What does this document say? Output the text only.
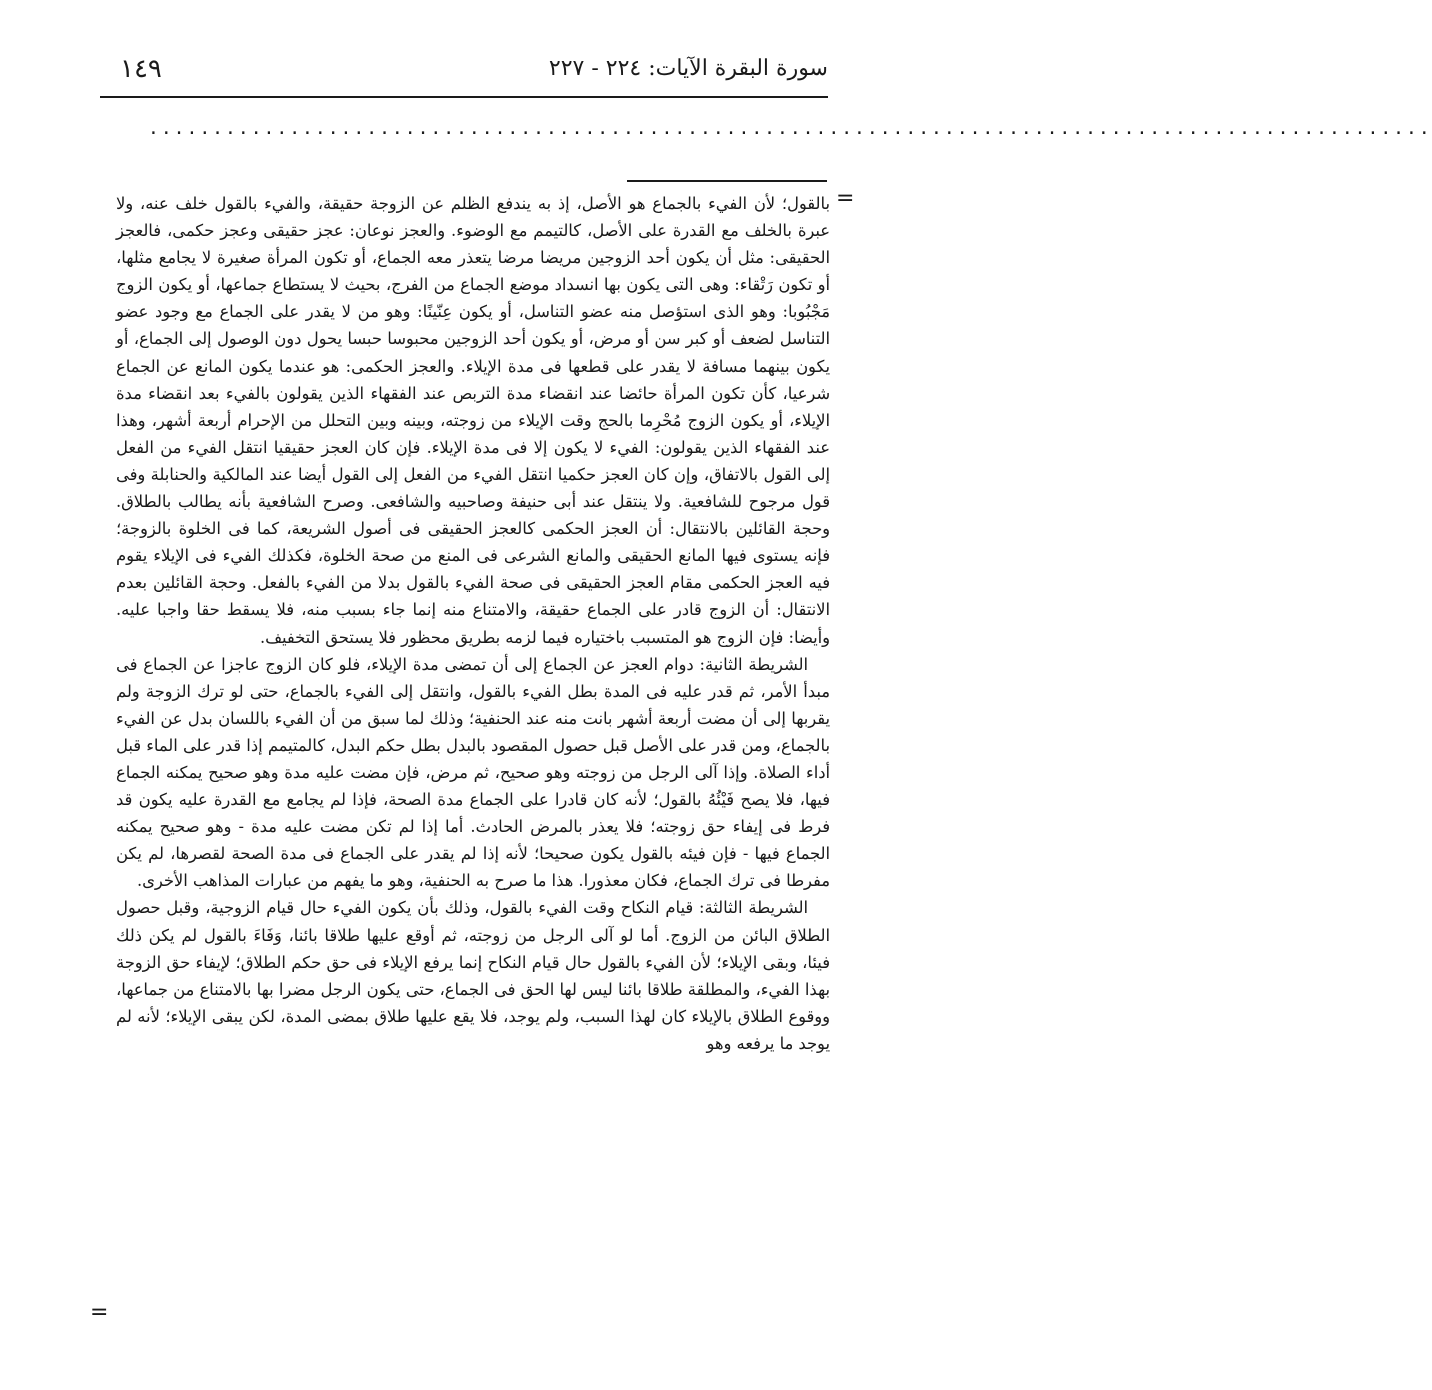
١٤٩	سورة البقرة الآيات: ٢٢٤ - ٢٢٧
....................................................................................................
=

بالقول؛ لأن الفيء بالجماع هو الأصل، إذ به يندفع الظلم عن الزوجة حقيقة، والفيء بالقول خلف عنه، ولا عبرة بالخلف مع القدرة على الأصل، كالتيمم مع الوضوء. والعجز نوعان: عجز حقيقى وعجز حكمى، فالعجز الحقيقى: مثل أن يكون أحد الزوجين مريضا مرضا يتعذر معه الجماع، أو تكون المرأة صغيرة لا يجامع مثلها، أو تكون رَتْقاء: وهى التى يكون بها انسداد موضع الجماع من الفرج، بحيث لا يستطاع جماعها، أو يكون الزوج مَجْبُوبا: وهو الذى استؤصل منه عضو التناسل، أو يكون عِنّينًا: وهو من لا يقدر على الجماع مع وجود عضو التناسل لضعف أو كبر سن أو مرض، أو يكون أحد الزوجين محبوسا حبسا يحول دون الوصول إلى الجماع، أو يكون بينهما مسافة لا يقدر على قطعها فى مدة الإيلاء. والعجز الحكمى: هو عندما يكون المانع عن الجماع شرعيا، كأن تكون المرأة حائضا عند انقضاء مدة التربص عند الفقهاء الذين يقولون بالفيء بعد انقضاء مدة الإيلاء، أو يكون الزوج مُحْرِما بالحج وقت الإيلاء من زوجته، وبينه وبين التحلل من الإحرام أربعة أشهر، وهذا عند الفقهاء الذين يقولون: الفيء لا يكون إلا فى مدة الإيلاء. فإن كان العجز حقيقيا انتقل الفيء من الفعل إلى القول بالاتفاق، وإن كان العجز حكميا انتقل الفيء من الفعل إلى القول أيضا عند المالكية والحنابلة وفى قول مرجوح للشافعية. ولا ينتقل عند أبى حنيفة وصاحبيه والشافعى. وصرح الشافعية بأنه يطالب بالطلاق. وحجة القائلين بالانتقال: أن العجز الحكمى كالعجز الحقيقى فى أصول الشريعة، كما فى الخلوة بالزوجة؛ فإنه يستوى فيها المانع الحقيقى والمانع الشرعى فى المنع من صحة الخلوة، فكذلك الفيء فى الإيلاء يقوم فيه العجز الحكمى مقام العجز الحقيقى فى صحة الفيء بالقول بدلا من الفيء بالفعل. وحجة القائلين بعدم الانتقال: أن الزوج قادر على الجماع حقيقة، والامتناع منه إنما جاء بسبب منه، فلا يسقط حقا واجبا عليه. وأيضا: فإن الزوج هو المتسبب باختياره فيما لزمه بطريق محظور فلا يستحق التخفيف.

الشريطة الثانية: دوام العجز عن الجماع إلى أن تمضى مدة الإيلاء، فلو كان الزوج عاجزا عن الجماع فى مبدأ الأمر، ثم قدر عليه فى المدة بطل الفيء بالقول، وانتقل إلى الفيء بالجماع، حتى لو ترك الزوجة ولم يقربها إلى أن مضت أربعة أشهر بانت منه عند الحنفية؛ وذلك لما سبق من أن الفيء باللسان بدل عن الفيء بالجماع، ومن قدر على الأصل قبل حصول المقصود بالبدل بطل حكم البدل، كالمتيمم إذا قدر على الماء قبل أداء الصلاة. وإذا آلى الرجل من زوجته وهو صحيح، ثم مرض، فإن مضت عليه مدة وهو صحيح يمكنه الجماع فيها، فلا يصح فَيْئُهُ بالقول؛ لأنه كان قادرا على الجماع مدة الصحة، فإذا لم يجامع مع القدرة عليه يكون قد فرط فى إيفاء حق زوجته؛ فلا يعذر بالمرض الحادث. أما إذا لم تكن مضت عليه مدة - وهو صحيح يمكنه الجماع فيها - فإن فيئه بالقول يكون صحيحا؛ لأنه إذا لم يقدر على الجماع فى مدة الصحة لقصرها، لم يكن مفرطا فى ترك الجماع، فكان معذورا. هذا ما صرح به الحنفية، وهو ما يفهم من عبارات المذاهب الأخرى.

الشريطة الثالثة: قيام النكاح وقت الفيء بالقول، وذلك بأن يكون الفيء حال قيام الزوجية، وقبل حصول الطلاق البائن من الزوج. أما لو آلى الرجل من زوجته، ثم أوقع عليها طلاقا بائنا، وَفَاءَ بالقول لم يكن ذلك فيئا، وبقى الإيلاء؛ لأن الفيء بالقول حال قيام النكاح إنما يرفع الإيلاء فى حق حكم الطلاق؛ لإيفاء حق الزوجة بهذا الفيء، والمطلقة طلاقا بائنا ليس لها الحق فى الجماع، حتى يكون الرجل مضرا بها بالامتناع من جماعها، ووقوع الطلاق بالإيلاء كان لهذا السبب، ولم يوجد، فلا يقع عليها طلاق بمضى المدة، لكن يبقى الإيلاء؛ لأنه لم يوجد ما يرفعه وهو

=
